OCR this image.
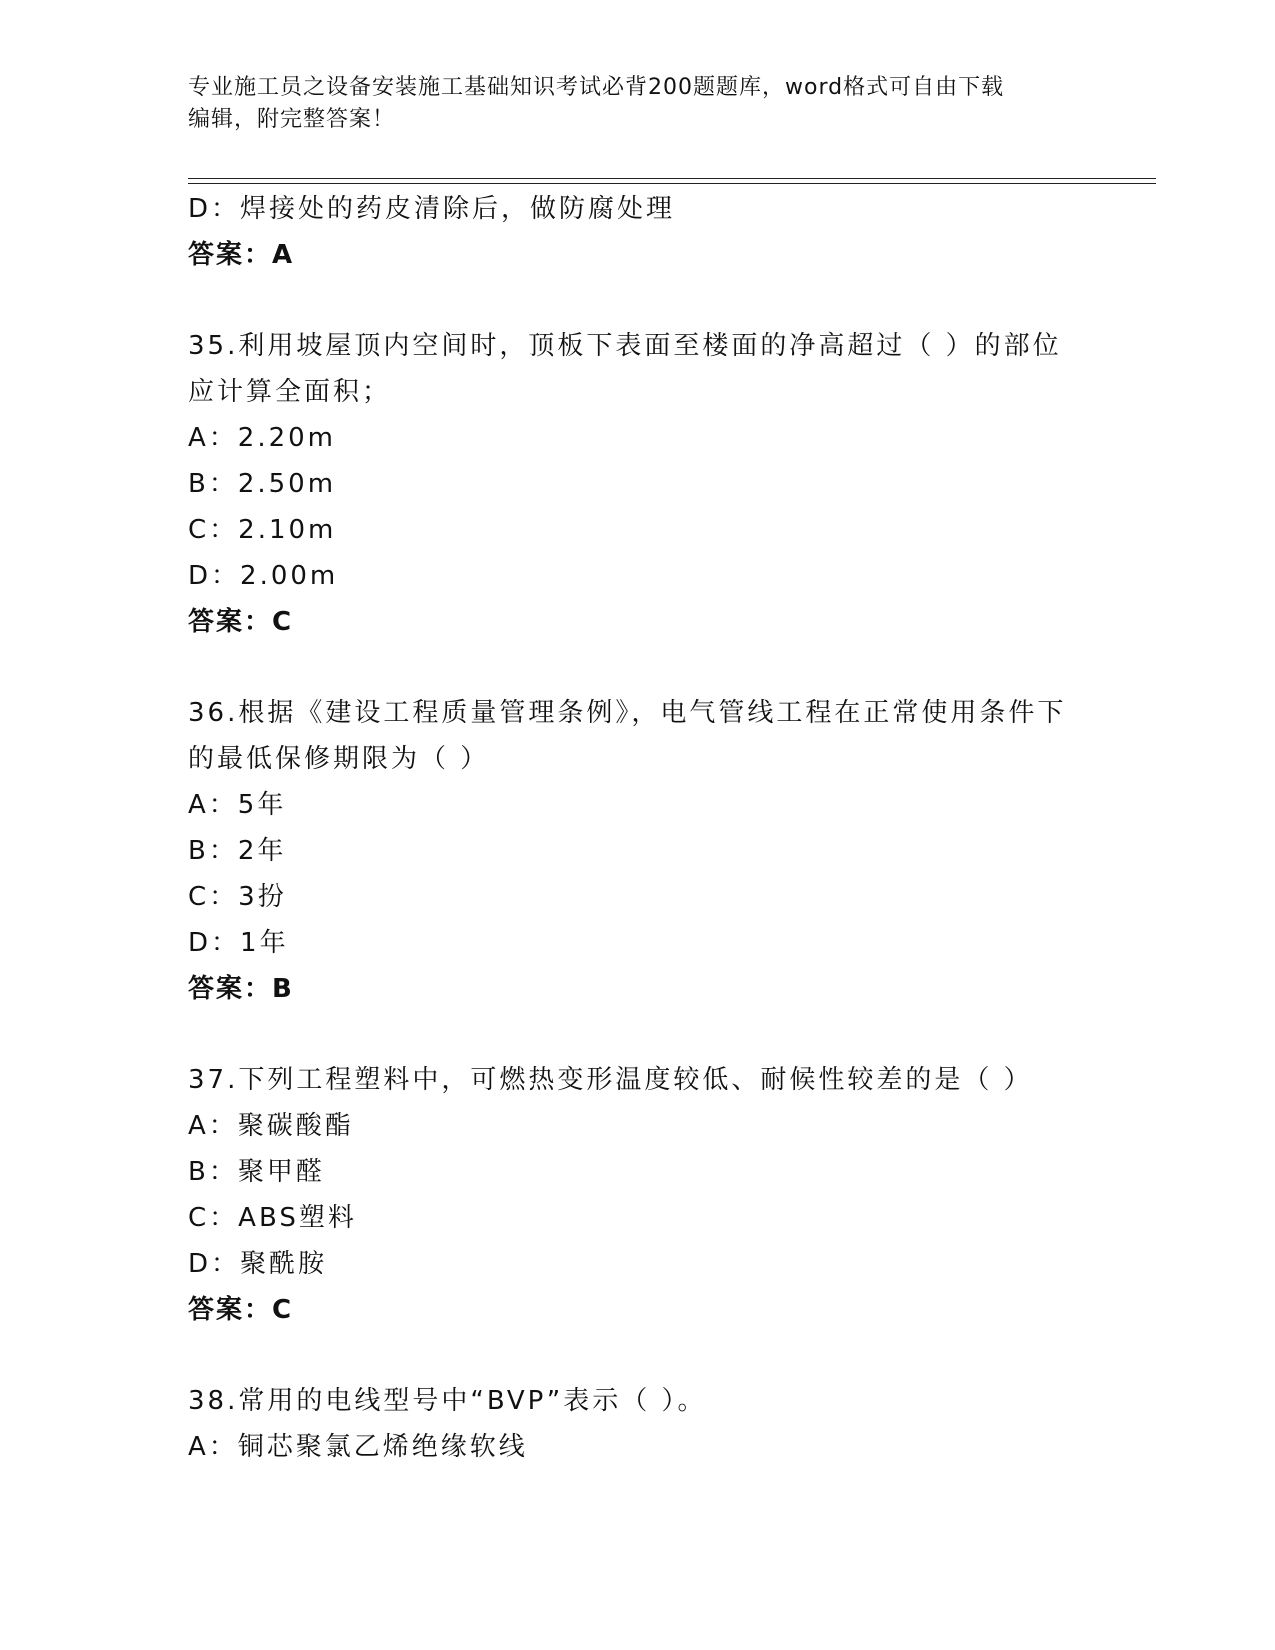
专业施工员之设备安装施工基础知识考试必背200题题库，word格式可自由下载
编辑，附完整答案！
D：焊接处的药皮清除后，做防腐处理
答案：A
35.利用坡屋顶内空间时，顶板下表面至楼面的净高超过（ ）的部位
应计算全面积；
A：2.20m
B：2.50m
C：2.10m
D：2.00m
答案：C
36.根据《建设工程质量管理条例》，电气管线工程在正常使用条件下
的最低保修期限为（ ）
A：5年
B：2年
C：3扮
D：1年
答案：B
37.下列工程塑料中，可燃热变形温度较低、耐候性较差的是（ ）
A：聚碳酸酯
B：聚甲醛
C：ABS塑料
D：聚酰胺
答案：C
38.常用的电线型号中“BVP”表示（ ）。
A：铜芯聚氯乙烯绝缘软线
